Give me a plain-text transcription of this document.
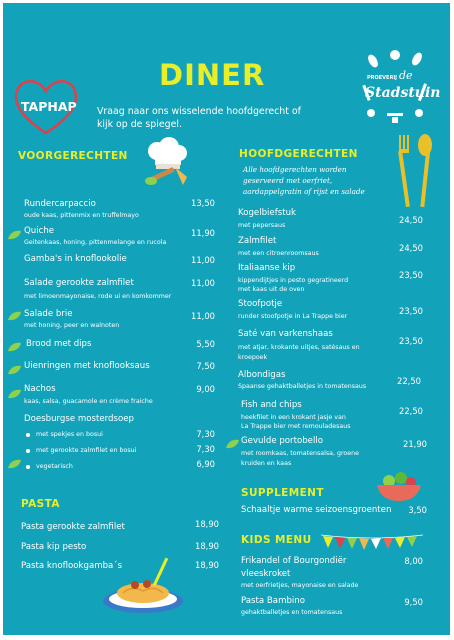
DINER	PROEVERIJ de
Stadstuin
TAPHAP Vraag naar ons wisselende hoofdgerecht of
kijk op de spiegel.
VOORGERECHTEN
Rundercarpaccio
oude kaas, pittenmix en truffelmayo
13,50
Quiche
Geitenkaas, honing, pittenmelange en rucola
11,90
Gamba's in knoflookolie	11,00
Salade gerookte zalmfilet
met limoenmayonaise, rode ui en komkommer
11,00
Salade brie
met honing, peer en walnoten
11,00
Brood met dips	5,50
Uienringen met knoflooksaus	7,50
Nachos
kaas, salsa, guacamole en crème fraiche
9,00
Doesburgse mosterdsoep
met spekjes en bosui	7,30
met gerookte zalmfilet en bosui	7,30
vegetarisch	6,90
PASTA
Pasta gerookte zalmfilet	18,90
Pasta kip pesto	18,90
Pasta knoflookgamba´s	18,90
HOOFDGERECHTEN
Alle hoofdgerechten worden
geserveerd met oerfriet,
aardappelgratin of rijst en salade
Kogelbiefstuk
met pepersaus
24,50
Zalmfilet
met een citroenroomsaus
24,50
Italiaanse kip
kippendijtjes in pesto gegratineerd
met kaas uit de oven
23,50
Stoofpotje
runder stoofpotje in La Trappe bier
23,50
Saté van varkenshaas
met atjar, krokante uitjes, satésaus en
kroepoek
23,50
Albondigas
Spaanse gehaktballetjes in tomatensaus
22,50
Fish and chips
heekfilet in een krokant jasje van
La Trappe bier met remouladesaus
22,50
Gevulde portobello
met roomkaas, tomatensalsa, groene
kruiden en kaas
21,90
SUPPLEMENT
Schaaltje warme seizoensgroenten	3,50
KIDS MENU
Frikandel of Bourgondiër
vleeskroket
met oerfrietjes, mayonaise en salade
8,00
Pasta Bambino
gehaktballetjes en tomatensaus
9,50
